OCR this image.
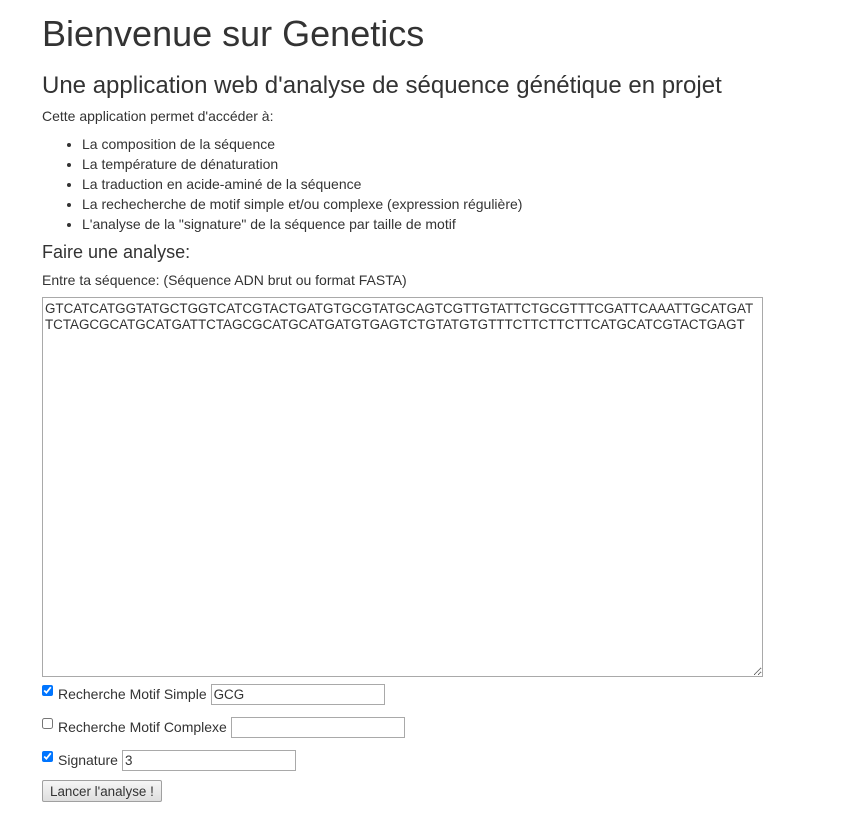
Bienvenue sur Genetics
Une application web d'analyse de séquence génétique en projet

Cette application permet d'accéder à:

• La composition de la séquence
• La température de dénaturation
• La traduction en acide-aminé de la séquence
• La rechecherche de motif simple et/ou complexe (expression régulière)
• L'analyse de la "signature" de la séquence par taille de motif
Faire une analyse:
Entre ta séquence: (Séquence ADN brut ou format FASTA)
GTCATCATGGTATGCTGGTCATCGTACTGATGTGCGTATGCAGTCGTTGTATTCTGCGTTTCGATTCAAATTGCATGATTCTAGCGCATGCATGATTCTAGCGCATGCATGATGTGAGTCTGTATGTGTTTCTTCTTCTTCATGCATCGTACTGAGT
Recherche Motif Simple
GCG
Recherche Motif Complexe
Signature
3
Lancer l'analyse !
